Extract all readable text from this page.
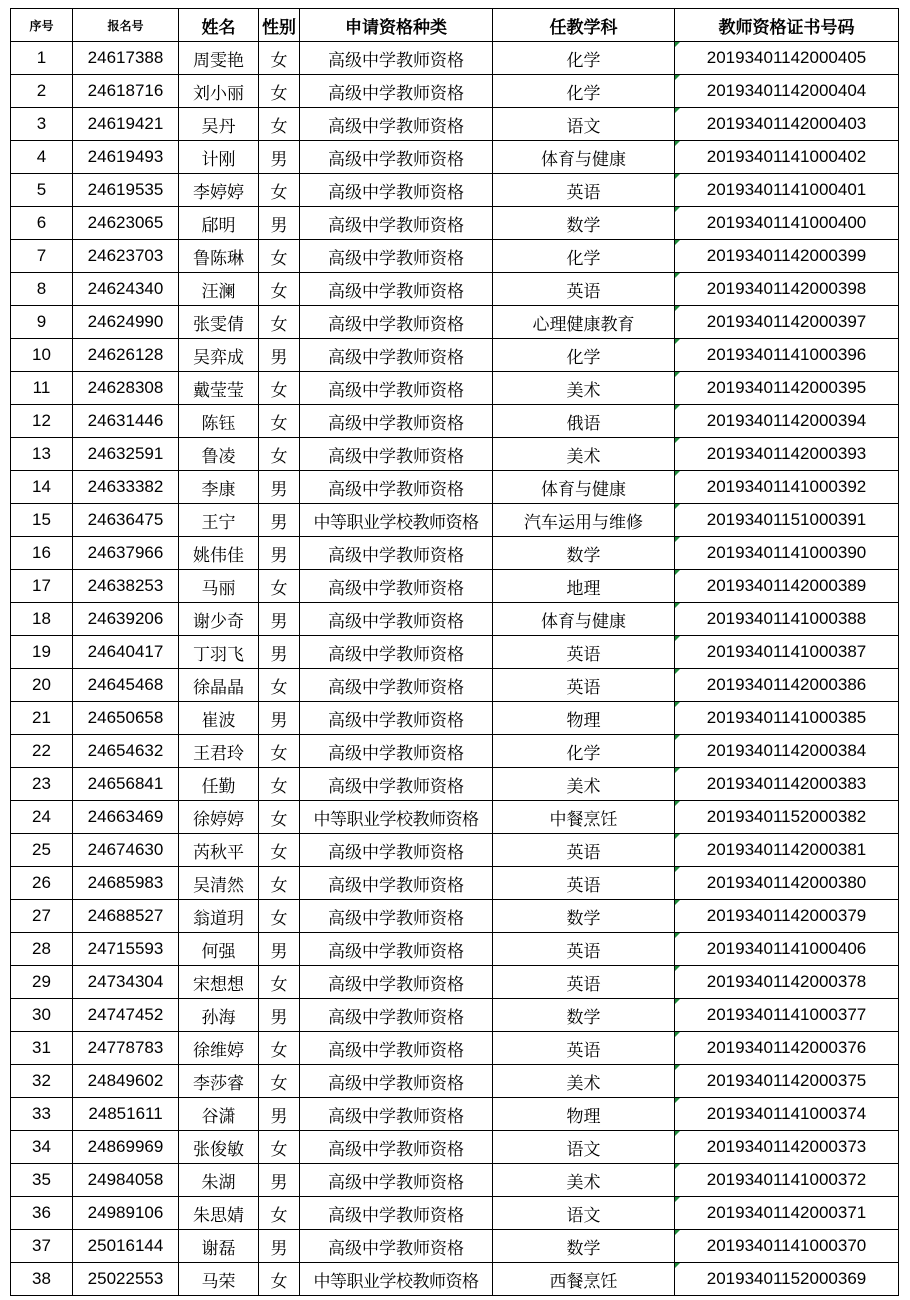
序号	报名号	姓名	性别	申请资格种类	任教学科	教师资格证书号码
1	24617388	周雯艳	女	高级中学教师资格	化学	20193401142000405
2	24618716	刘小丽	女	高级中学教师资格	化学	20193401142000404
3	24619421	吴丹	女	高级中学教师资格	语文	20193401142000403
4	24619493	计刚	男	高级中学教师资格	体育与健康	20193401141000402
5	24619535	李婷婷	女	高级中学教师资格	英语	20193401141000401
6	24623065	郈明	男	高级中学教师资格	数学	20193401141000400
7	24623703	鲁陈琳	女	高级中学教师资格	化学	20193401142000399
8	24624340	汪澜	女	高级中学教师资格	英语	20193401142000398
9	24624990	张雯倩	女	高级中学教师资格	心理健康教育	20193401142000397
10	24626128	吴弈成	男	高级中学教师资格	化学	20193401141000396
11	24628308	戴莹莹	女	高级中学教师资格	美术	20193401142000395
12	24631446	陈钰	女	高级中学教师资格	俄语	20193401142000394
13	24632591	鲁凌	女	高级中学教师资格	美术	20193401142000393
14	24633382	李康	男	高级中学教师资格	体育与健康	20193401141000392
15	24636475	王宁	男	中等职业学校教师资格	汽车运用与维修	20193401151000391
16	24637966	姚伟佳	男	高级中学教师资格	数学	20193401141000390
17	24638253	马丽	女	高级中学教师资格	地理	20193401142000389
18	24639206	谢少奇	男	高级中学教师资格	体育与健康	20193401141000388
19	24640417	丁羽飞	男	高级中学教师资格	英语	20193401141000387
20	24645468	徐晶晶	女	高级中学教师资格	英语	20193401142000386
21	24650658	崔波	男	高级中学教师资格	物理	20193401141000385
22	24654632	王君玲	女	高级中学教师资格	化学	20193401142000384
23	24656841	任勤	女	高级中学教师资格	美术	20193401142000383
24	24663469	徐婷婷	女	中等职业学校教师资格	中餐烹饪	20193401152000382
25	24674630	芮秋平	女	高级中学教师资格	英语	20193401142000381
26	24685983	吴清然	女	高级中学教师资格	英语	20193401142000380
27	24688527	翁道玥	女	高级中学教师资格	数学	20193401142000379
28	24715593	何强	男	高级中学教师资格	英语	20193401141000406
29	24734304	宋想想	女	高级中学教师资格	英语	20193401142000378
30	24747452	孙海	男	高级中学教师资格	数学	20193401141000377
31	24778783	徐维婷	女	高级中学教师资格	英语	20193401142000376
32	24849602	李莎睿	女	高级中学教师资格	美术	20193401142000375
33	24851611	谷潇	男	高级中学教师资格	物理	20193401141000374
34	24869969	张俊敏	女	高级中学教师资格	语文	20193401142000373
35	24984058	朱湖	男	高级中学教师资格	美术	20193401141000372
36	24989106	朱思婧	女	高级中学教师资格	语文	20193401142000371
37	25016144	谢磊	男	高级中学教师资格	数学	20193401141000370
38	25022553	马荣	女	中等职业学校教师资格	西餐烹饪	20193401152000369
